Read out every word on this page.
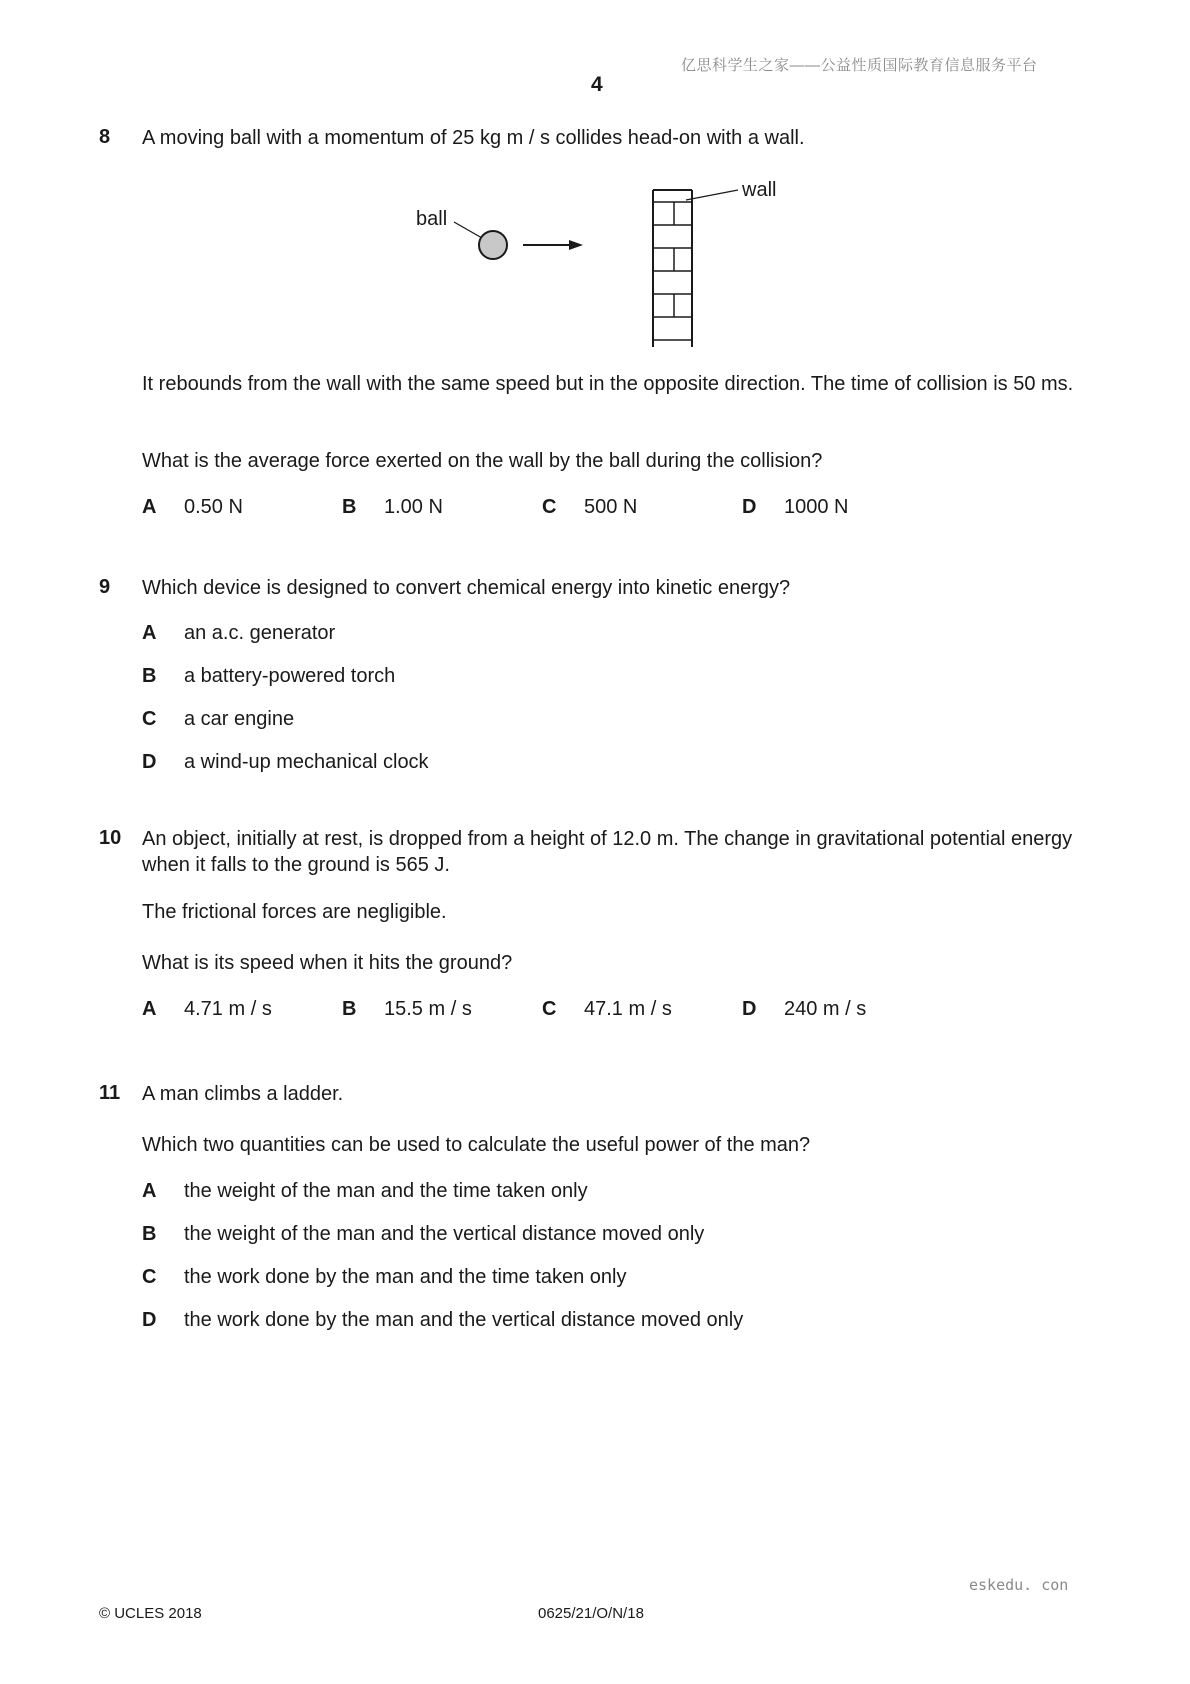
亿思科学生之家——公益性质国际教育信息服务平台
4
8 A moving ball with a momentum of 25 kg m / s collides head-on with a wall.
ball
wall
It rebounds from the wall with the same speed but in the opposite direction. The time of collision is 50 ms.
What is the average force exerted on the wall by the ball during the collision?
A 0.50 N	B 1.00 N	C 500 N	D 1000 N
9 Which device is designed to convert chemical energy into kinetic energy?
A an a.c. generator
B a battery-powered torch
C a car engine
D a wind-up mechanical clock
10 An object, initially at rest, is dropped from a height of 12.0 m. The change in gravitational potential energy when it falls to the ground is 565 J.
The frictional forces are negligible.
What is its speed when it hits the ground?
A 4.71 m / s	B 15.5 m / s	C 47.1 m / s	D 240 m / s
11 A man climbs a ladder.
Which two quantities can be used to calculate the useful power of the man?
A the weight of the man and the time taken only
B the weight of the man and the vertical distance moved only
C the work done by the man and the time taken only
D the work done by the man and the vertical distance moved only
eskedu. con
© UCLES 2018	0625/21/O/N/18
